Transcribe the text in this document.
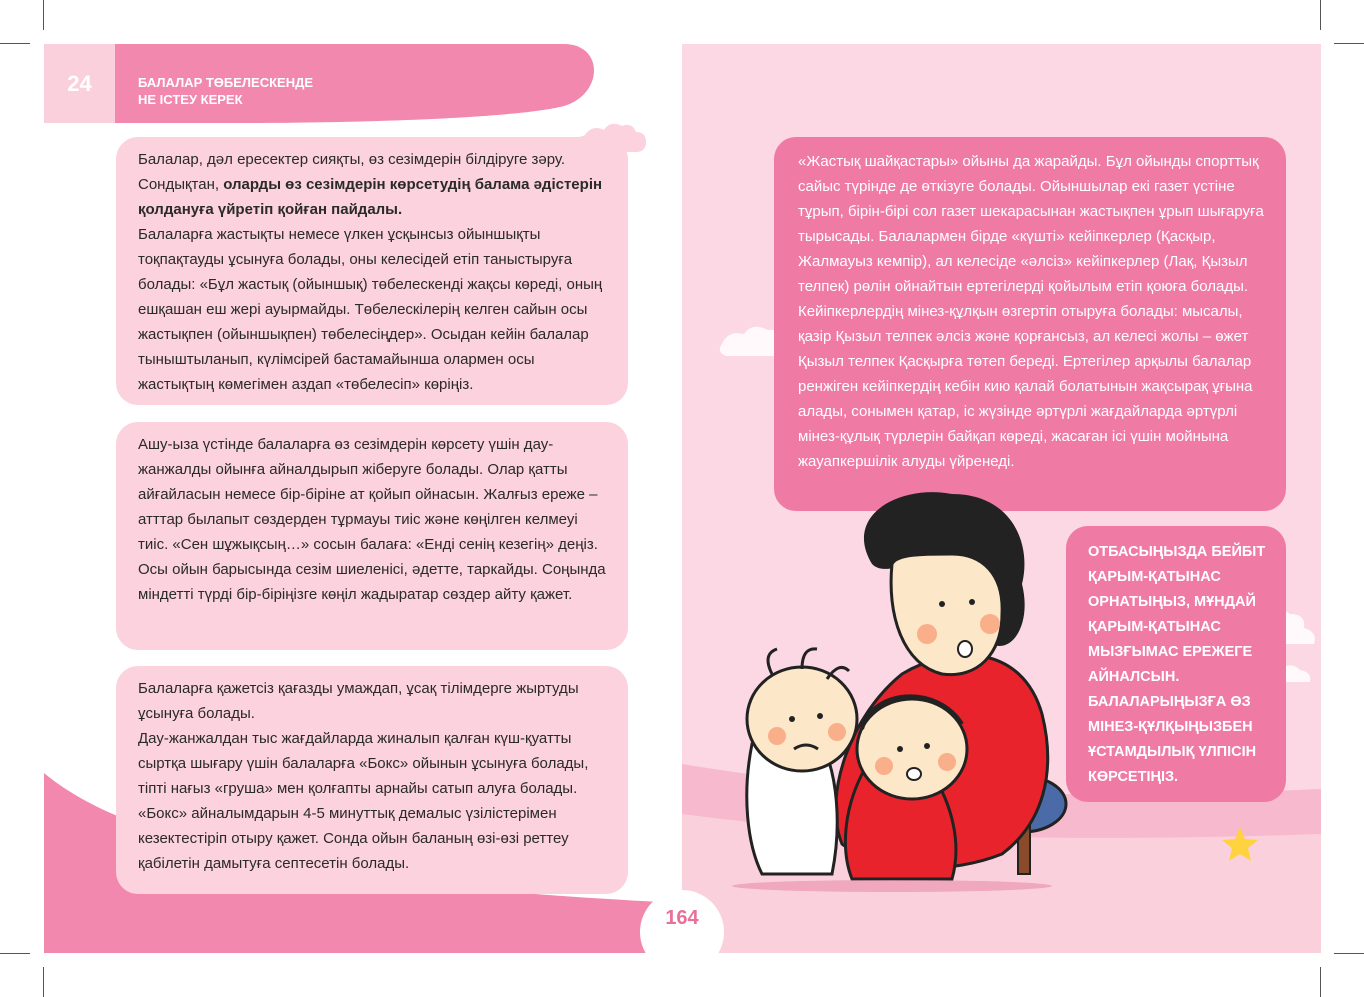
24	БАЛАЛАР ТӨБЕЛЕСКЕНДЕ
НЕ ІСТЕУ КЕРЕК

Балалар, дәл ересектер сияқты, өз сезімдерін білдіруге зәру. Сондықтан, оларды өз сезімдерін көрсетудің балама әдістерін қолдануға үйретіп қойған пайдалы.

Балаларға жастықты немесе үлкен ұсқынсыз ойыншықты тоқпақтауды ұсынуға болады, оны келесідей етіп таныстыруға болады: «Бұл жастық (ойыншық) төбелескенді жақсы көреді, оның ешқашан еш жері ауырмайды. Төбелескілерің келген сайын осы жастықпен (ойыншықпен) төбелесіңдер». Осыдан кейін балалар тыныштыланып, күлімсірей бастамайынша олармен осы жастықтың көмегімен аздап «төбелесіп» көріңіз.

Ашу-ыза үстінде балаларға өз сезімдерін көрсету үшін дау-жанжалды ойынға айналдырып жіберуге болады. Олар қатты айғайласын немесе бір-біріне ат қойып ойнасын. Жалғыз ереже – атттар былапыт сөздерден тұрмауы тиіс және көңілген келмеуі тиіс. «Сен шұжықсың…» сосын балаға: «Енді сенің кезегің» деңіз. Осы ойын барысында сезім шиеленісі, әдетте, таркайды. Соңында міндетті түрді бір-біріңізге көңіл жадыратар сөздер айту қажет.

Балаларға қажетсіз қағазды умаждап, ұсақ тілімдерге жыртуды ұсынуға болады.

Дау-жанжалдан тыс жағдайларда жиналып қалған күш-қуатты сыртқа шығару үшін балаларға «Бокс» ойынын ұсынуға болады, тіпті нағыз «груша» мен қолғапты арнайы сатып алуға болады. «Бокс» айналымдарын 4-5 минуттық демалыс үзілістерімен кезектестіріп отыру қажет. Сонда ойын баланың өзі-өзі реттеу қабілетін дамытуға септесетін болады.

«Жастық шайқастары» ойыны да жарайды. Бұл ойынды спорттық сайыс түрінде де өткізуге болады. Ойыншылар екі газет үстіне тұрып, бірін-бірі сол газет шекарасынан жастықпен ұрып шығаруға тырысады. Балалармен бірде «күшті» кейіпкерлер (Қасқыр, Жалмауыз кемпір), ал келесіде «әлсіз» кейіпкерлер (Лақ, Қызыл телпек) рөлін ойнайтын ертегілерді қойылым етіп қоюға болады. Кейіпкерлердің мінез-құлқын өзгертіп отыруға болады: мысалы, қазір Қызыл телпек әлсіз және қорғансыз, ал келесі жолы – өжет Қызыл телпек Қасқырға төтеп береді. Ертегілер арқылы балалар ренжіген кейіпкердің кебін кию қалай болатынын жақсырақ ұғына алады, сонымен қатар, іс жүзінде әртүрлі жағдайларда әртүрлі мінез-құлық түрлерін байқап көреді, жасаған ісі үшін мойнына жауапкершілік алуды үйренеді.
ОТБАСЫҢЫЗДА БЕЙБІТ ҚАРЫМ-ҚАТЫНАС ОРНАТЫҢЫЗ, МҰНДАЙ ҚАРЫМ-ҚАТЫНАС МЫЗҒЫМАС ЕРЕЖЕГЕ АЙНАЛСЫН. БАЛАЛАРЫҢЫЗҒА ӨЗ МІНЕЗ-ҚҰЛҚЫҢЫЗБЕН ҰСТАМДЫЛЫҚ ҮЛПІСІН КӨРСЕТІҢІЗ.
164
